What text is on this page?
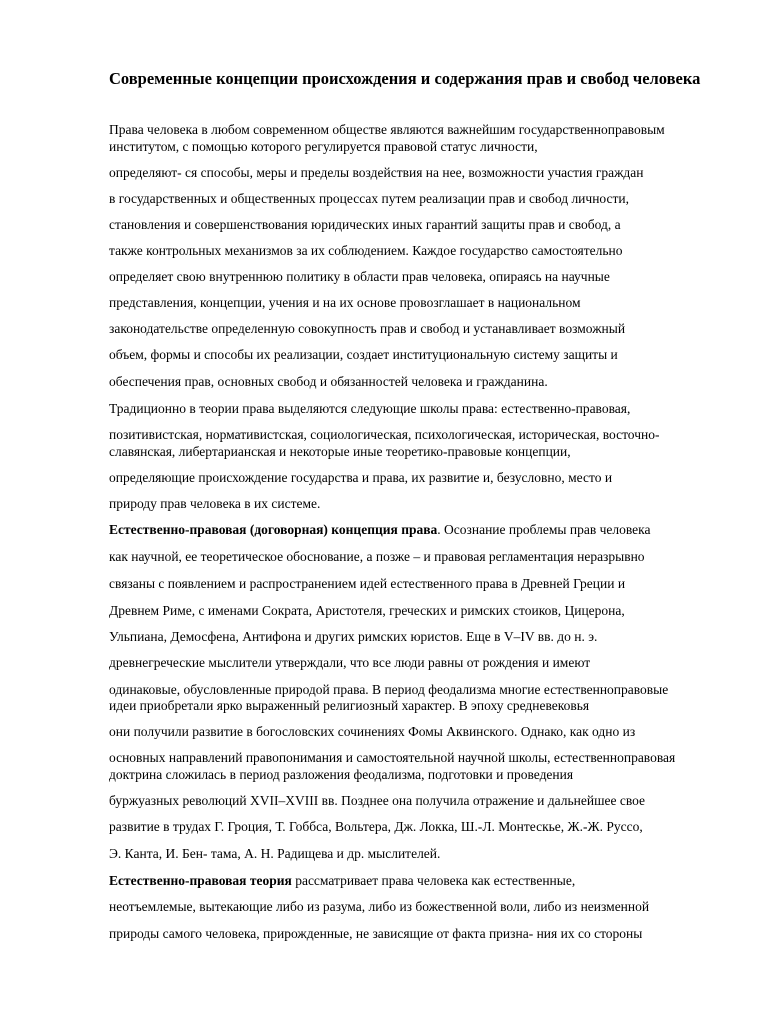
Современные концепции происхождения и содержания прав и свобод человека
Права человека в любом современном обществе являются важнейшим государственноправовым
институтом, с помощью которого регулируется правовой статус личности,
определяют- ся способы, меры и пределы воздействия на нее, возможности участия граждан
в государственных и общественных процессах путем реализации прав и свобод личности,
становления и совершенствования юридических иных гарантий защиты прав и свобод, а
также контрольных механизмов за их соблюдением. Каждое государство самостоятельно
определяет свою внутреннюю политику в области прав человека, опираясь на научные
представления, концепции, учения и на их основе провозглашает в национальном
законодательстве определенную совокупность прав и свобод и устанавливает возможный
объем, формы и способы их реализации, создает институциональную систему защиты и
обеспечения прав, основных свобод и обязанностей человека и гражданина.
Традиционно в теории права выделяются следующие школы права: естественно-правовая,
позитивистская, нормативистская, социологическая, психологическая, историческая, восточно-
славянская, либертарианская и некоторые иные теоретико-правовые концепции,
определяющие происхождение государства и права, их развитие и, безусловно, место и
природу прав человека в их системе.
Естественно-правовая (договорная) концепция права. Осознание проблемы прав человека
как научной, ее теоретическое обоснование, а позже – и правовая регламентация неразрывно
связаны с появлением и распространением идей естественного права в Древней Греции и
Древнем Риме, с именами Сократа, Аристотеля, греческих и римских стоиков, Цицерона,
Ульпиана, Демосфена, Антифона и других римских юристов. Еще в V–IV вв. до н. э.
древнегреческие мыслители утверждали, что все люди равны от рождения и имеют
одинаковые, обусловленные природой права. В период феодализма многие естественноправовые
идеи приобретали ярко выраженный религиозный характер. В эпоху средневековья
они получили развитие в богословских сочинениях Фомы Аквинского. Однако, как одно из
основных направлений правопонимания и самостоятельной научной школы, естественноправовая
доктрина сложилась в период разложения феодализма, подготовки и проведения
буржуазных революций XVII–XVIII вв. Позднее она получила отражение и дальнейшее свое
развитие в трудах Г. Гроция, Т. Гоббса, Вольтера, Дж. Локка, Ш.-Л. Монтескье, Ж.-Ж. Руссо,
Э. Канта, И. Бен- тама, А. Н. Радищева и др. мыслителей.
Естественно-правовая теория рассматривает права человека как естественные,
неотъемлемые, вытекающие либо из разума, либо из божественной воли, либо из неизменной
природы самого человека, прирожденные, не зависящие от факта призна- ния их со стороны
